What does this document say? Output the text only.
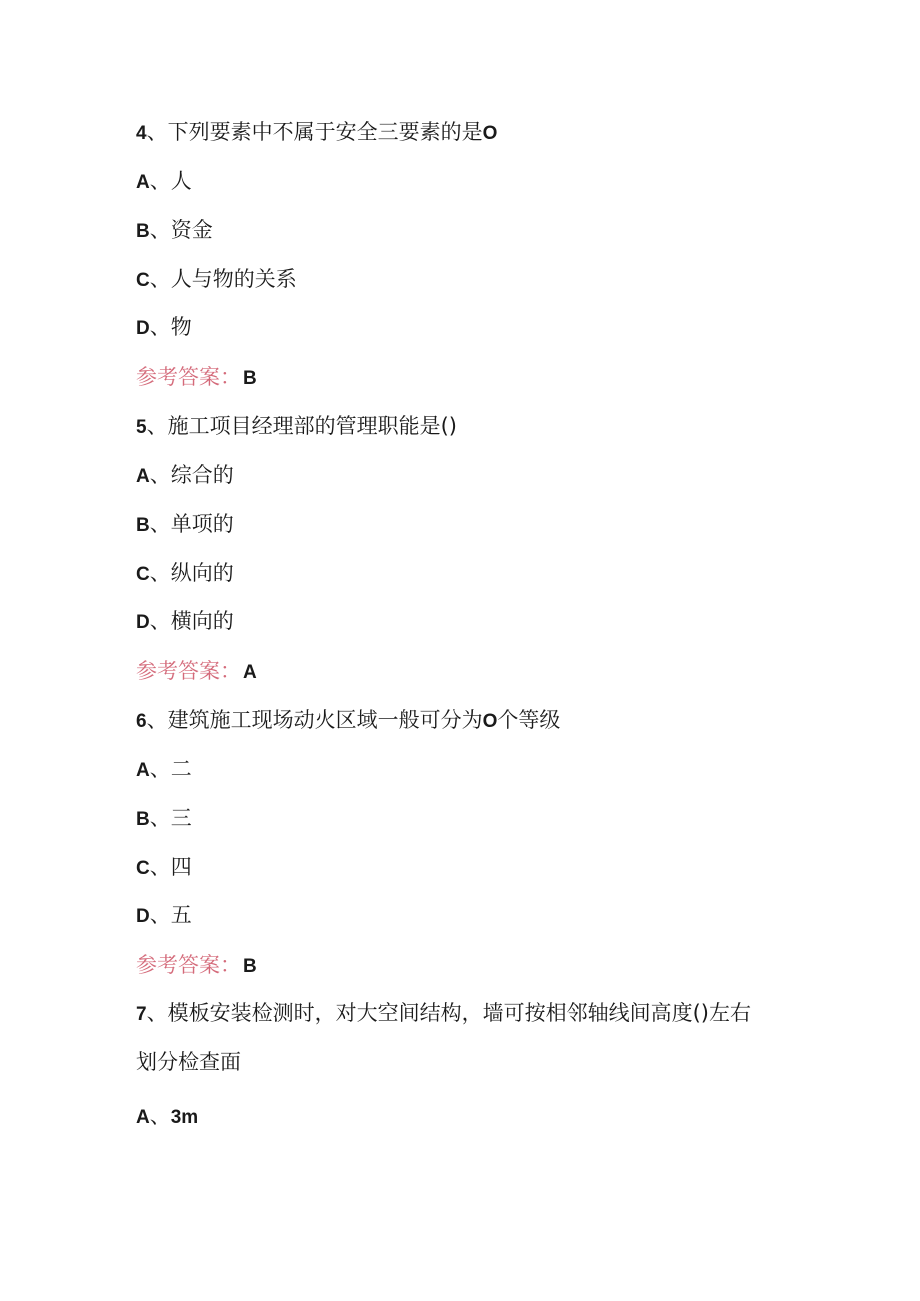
4、下列要素中不属于安全三要素的是O

A、人

B、资金

C、人与物的关系

D、物

参考答案： B

5、施工项目经理部的管理职能是()

A、综合的

B、单项的

C、纵向的

D、横向的

参考答案： A

6、建筑施工现场动火区域一般可分为O个等级

A、二

B、三

C、四

D、五

参考答案： B

7、模板安装检测时，对大空间结构，墙可按相邻轴线间高度()左右

划分检查面

A、3m
